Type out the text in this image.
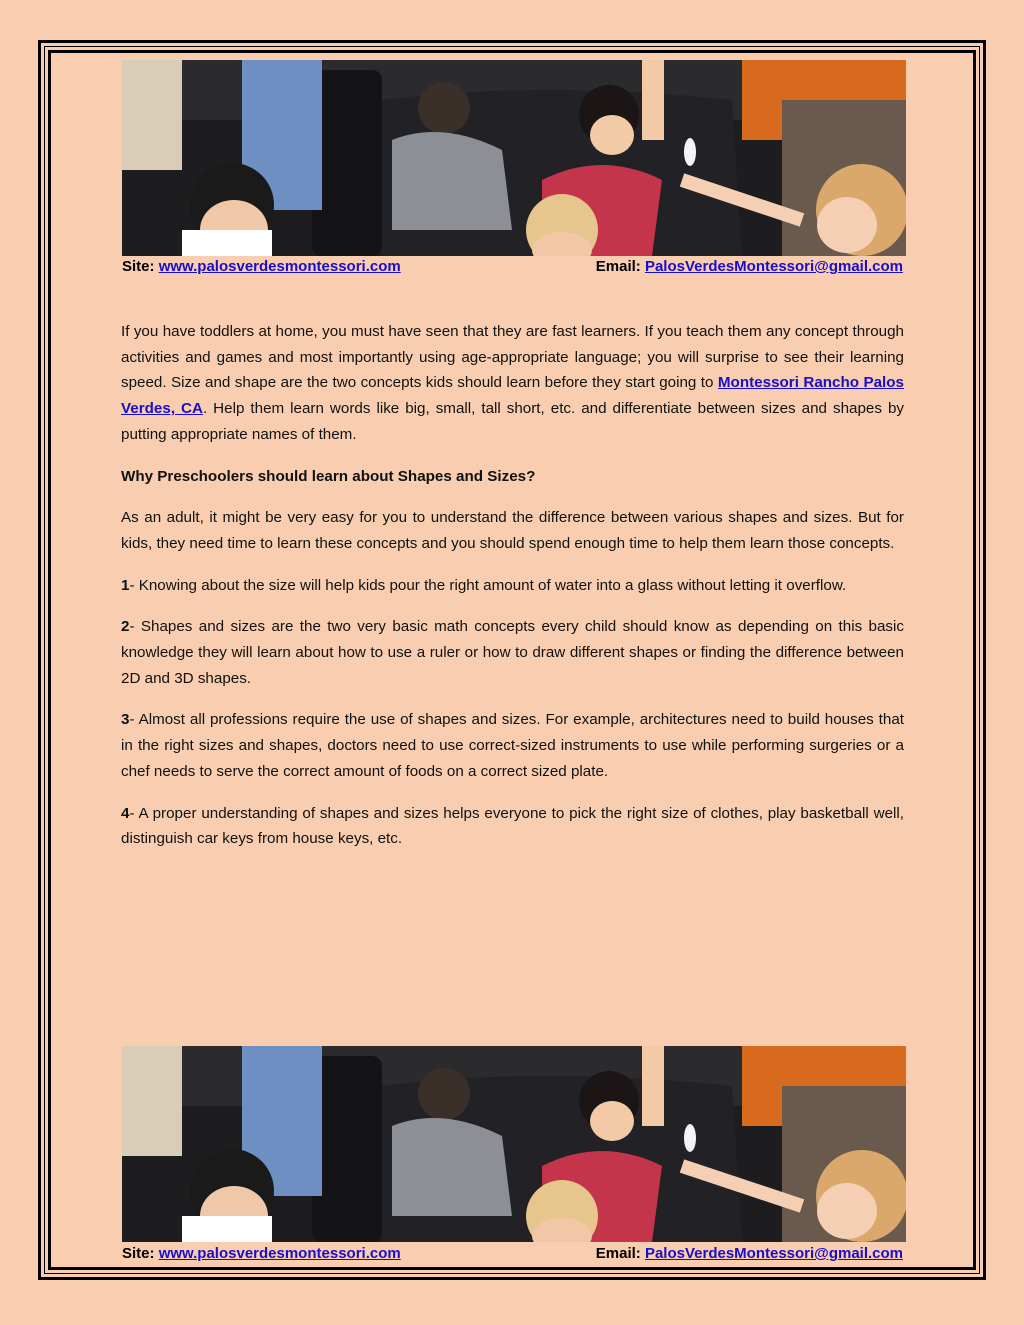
Site: www.palosverdesmontessori.com	Email: PalosVerdesMontessori@gmail.com

If you have toddlers at home, you must have seen that they are fast learners. If you teach them any concept through activities and games and most importantly using age-appropriate language; you will surprise to see their learning speed. Size and shape are the two concepts kids should learn before they start going to Montessori Rancho Palos Verdes, CA. Help them learn words like big, small, tall short, etc. and differentiate between sizes and shapes by putting appropriate names of them.

Why Preschoolers should learn about Shapes and Sizes?

As an adult, it might be very easy for you to understand the difference between various shapes and sizes. But for kids, they need time to learn these concepts and you should spend enough time to help them learn those concepts.

1- Knowing about the size will help kids pour the right amount of water into a glass without letting it overflow.

2- Shapes and sizes are the two very basic math concepts every child should know as depending on this basic knowledge they will learn about how to use a ruler or how to draw different shapes or finding the difference between 2D and 3D shapes.

3- Almost all professions require the use of shapes and sizes. For example, architectures need to build houses that in the right sizes and shapes, doctors need to use correct-sized instruments to use while performing surgeries or a chef needs to serve the correct amount of foods on a correct sized plate.

4- A proper understanding of shapes and sizes helps everyone to pick the right size of clothes, play basketball well, distinguish car keys from house keys, etc.

Site: www.palosverdesmontessori.com	Email: PalosVerdesMontessori@gmail.com
